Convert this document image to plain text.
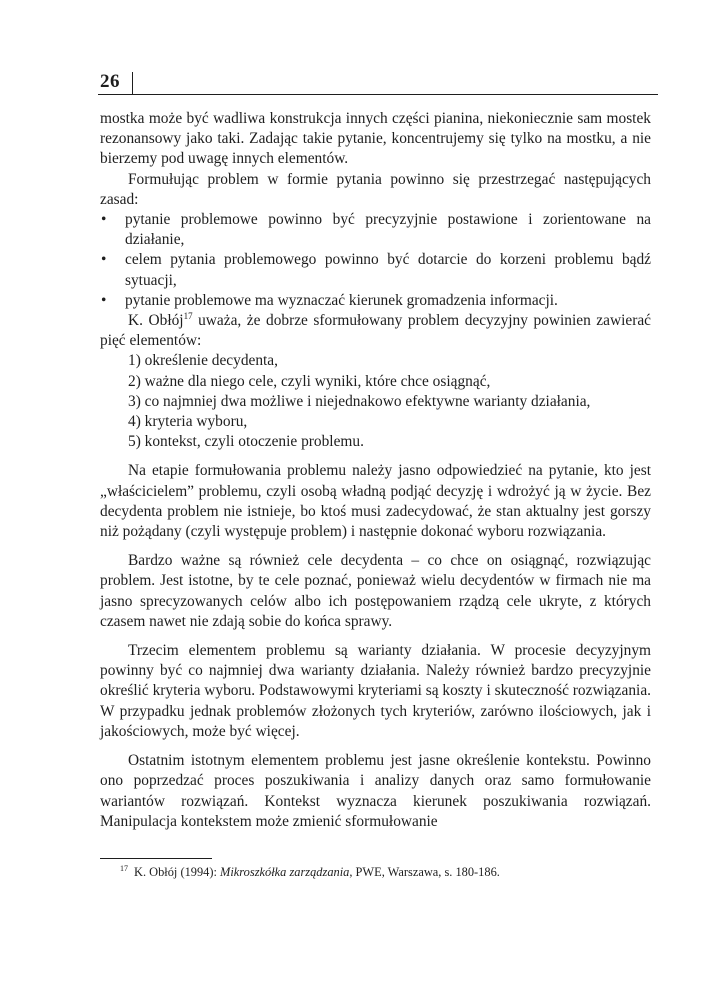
26

mostka może być wadliwa konstrukcja innych części pianina, niekoniecznie sam mostek rezonansowy jako taki. Zadając takie pytanie, koncentrujemy się tylko na mostku, a nie bierzemy pod uwagę innych elementów.

Formułując problem w formie pytania powinno się przestrzegać następujących zasad:

• pytanie problemowe powinno być precyzyjnie postawione i zorientowane na działanie,
• celem pytania problemowego powinno być dotarcie do korzeni problemu bądź sytuacji,
• pytanie problemowe ma wyznaczać kierunek gromadzenia informacji.

K. Obłój$^{17}$ uważa, że dobrze sformułowany problem decyzyjny powinien zawierać pięć elementów:

1) określenie decydenta,
2) ważne dla niego cele, czyli wyniki, które chce osiągnąć,
3) co najmniej dwa możliwe i niejednakowo efektywne warianty działania,
4) kryteria wyboru,
5) kontekst, czyli otoczenie problemu.

Na etapie formułowania problemu należy jasno odpowiedzieć na pytanie, kto jest „właścicielem” problemu, czyli osobą władną podjąć decyzję i wdrożyć ją w życie. Bez decydenta problem nie istnieje, bo ktoś musi zadecydować, że stan aktualny jest gorszy niż pożądany (czyli występuje problem) i następnie dokonać wyboru rozwiązania.

Bardzo ważne są również cele decydenta – co chce on osiągnąć, rozwiązując problem. Jest istotne, by te cele poznać, ponieważ wielu decydentów w firmach nie ma jasno sprecyzowanych celów albo ich postępowaniem rządzą cele ukryte, z których czasem nawet nie zdają sobie do końca sprawy.

Trzecim elementem problemu są warianty działania. W procesie decyzyjnym powinny być co najmniej dwa warianty działania. Należy również bardzo precyzyjnie określić kryteria wyboru. Podstawowymi kryteriami są koszty i skuteczność rozwiązania. W przypadku jednak problemów złożonych tych kryteriów, zarówno ilościowych, jak i jakościowych, może być więcej.

Ostatnim istotnym elementem problemu jest jasne określenie kontekstu. Powinno ono poprzedzać proces poszukiwania i analizy danych oraz samo formułowanie wariantów rozwiązań. Kontekst wyznacza kierunek poszukiwania rozwiązań. Manipulacja kontekstem może zmienić sformułowanie

$^{17}$ K. Obłój (1994): Mikroszkółka zarządzania, PWE, Warszawa, s. 180-186.
